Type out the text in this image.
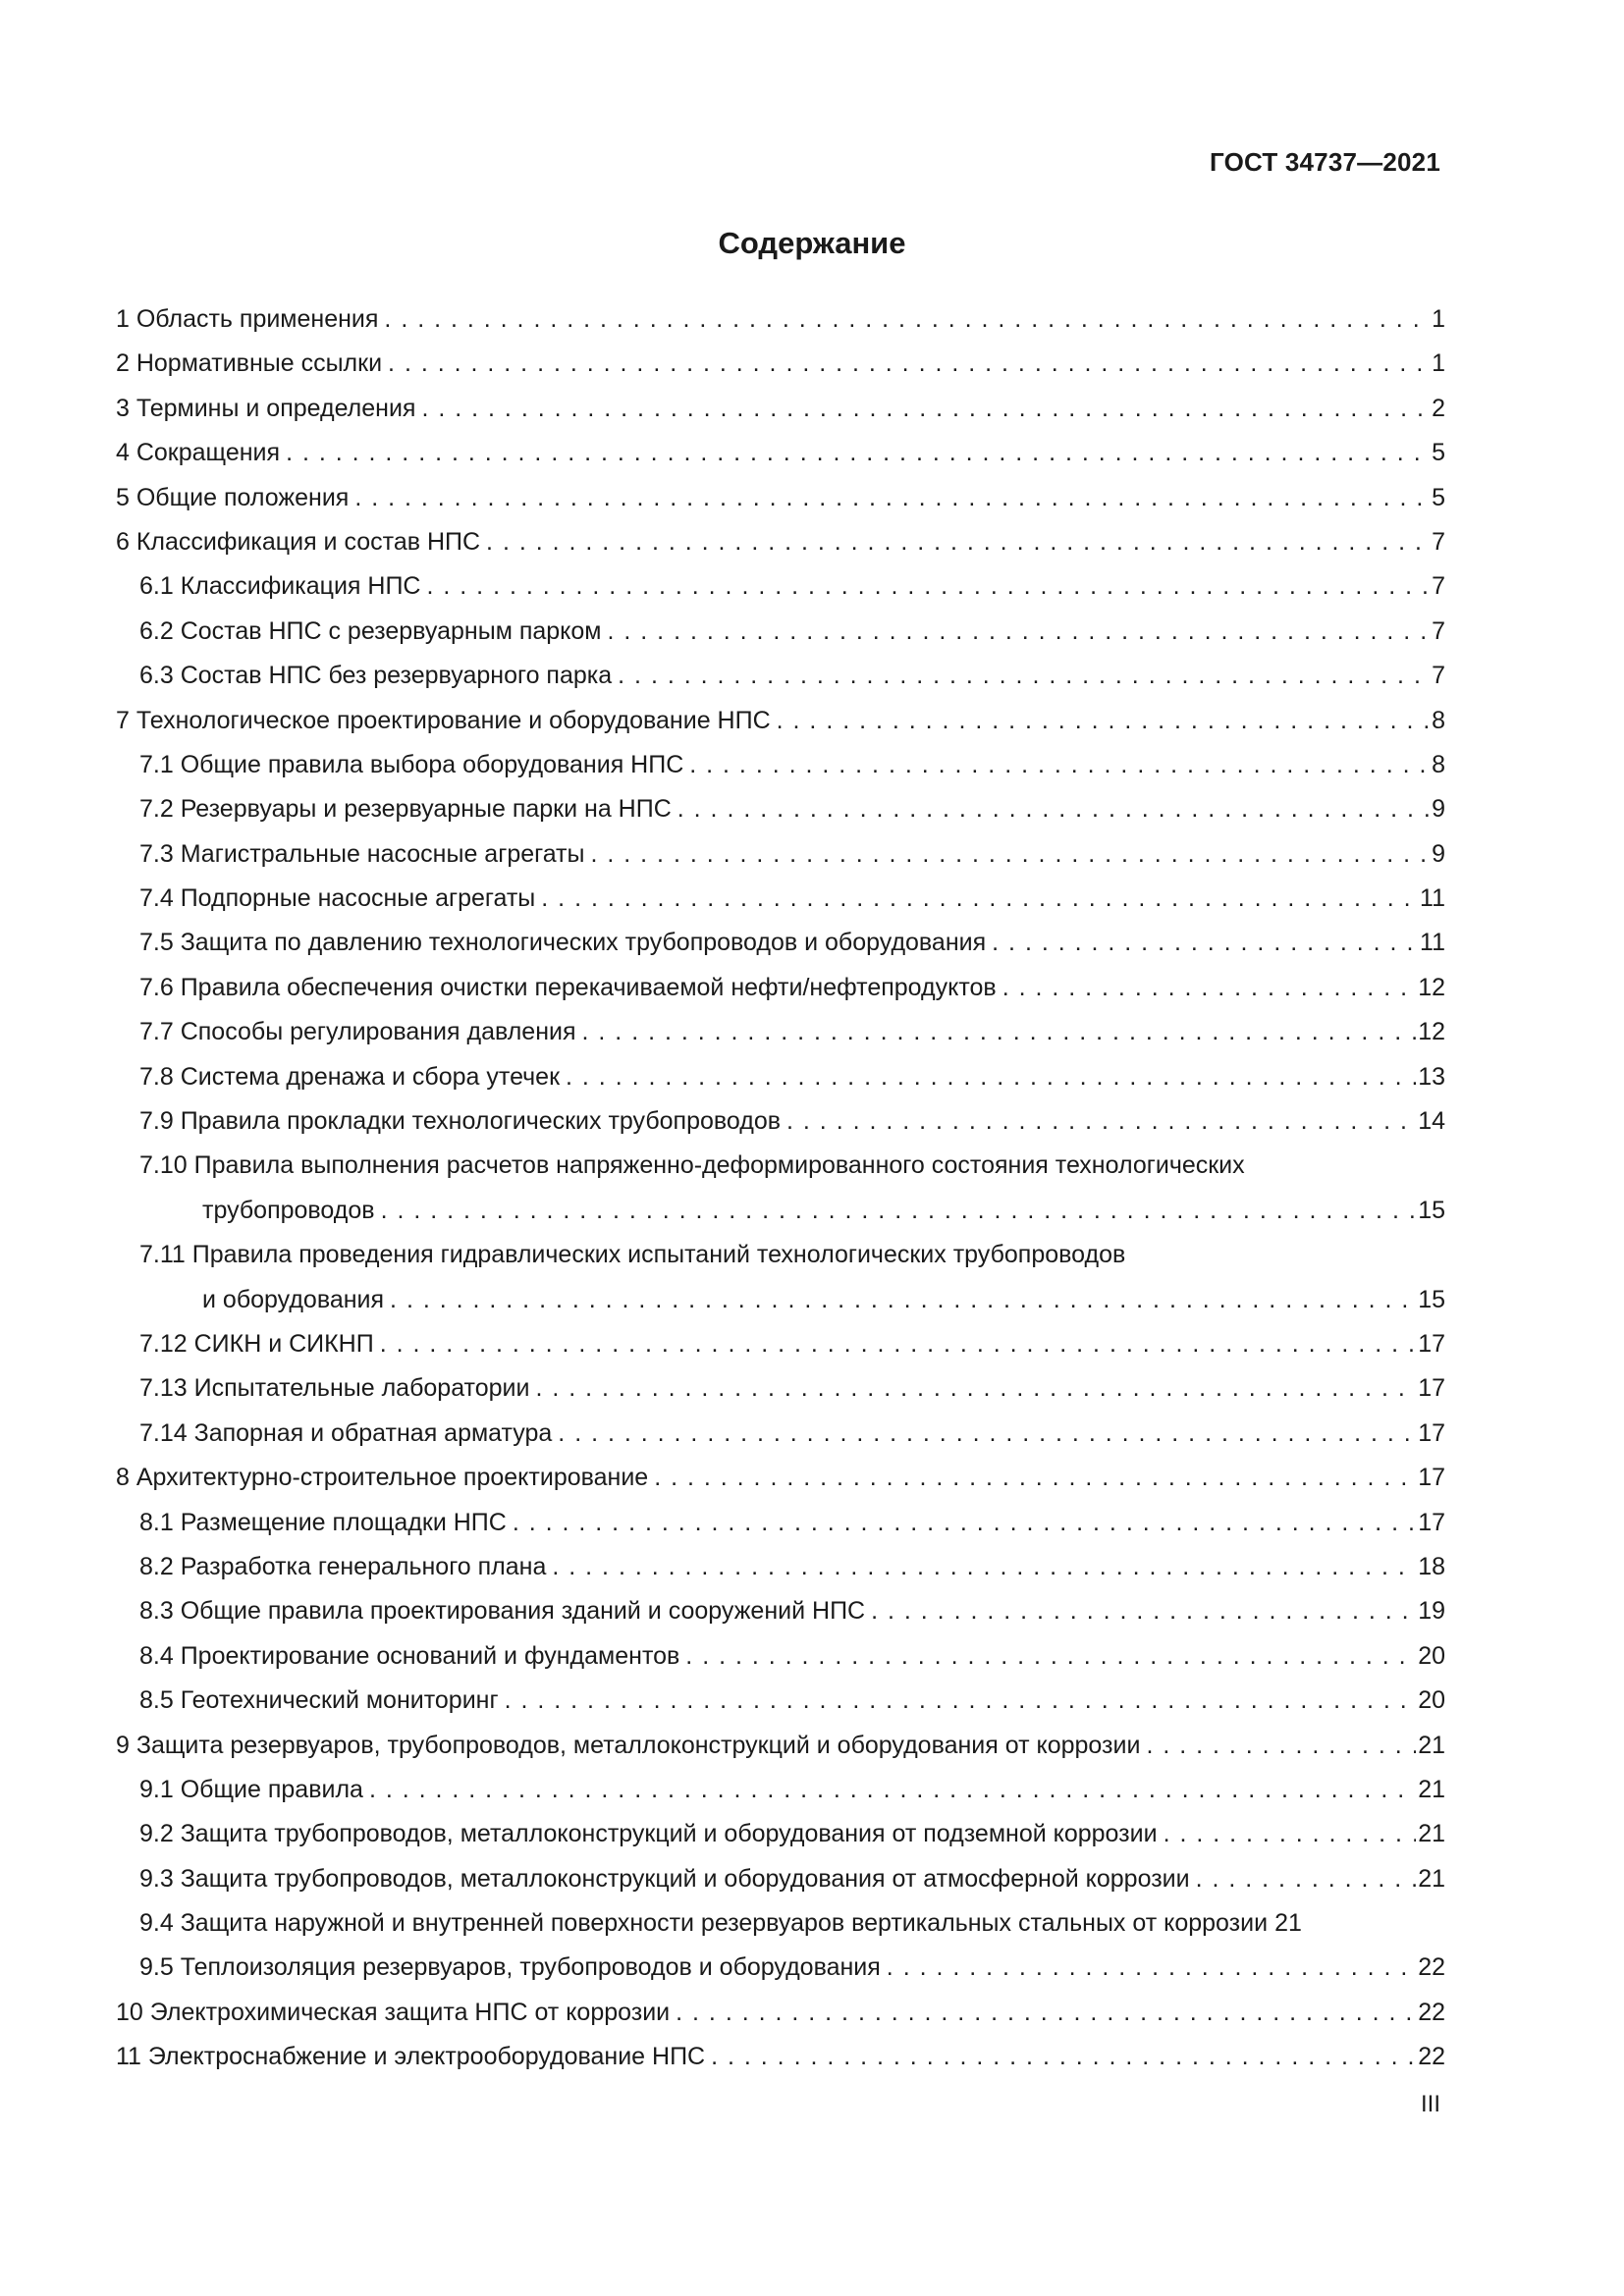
ГОСТ 34737—2021
Содержание
1 Область применения . . .	1
2 Нормативные ссылки . . .	1
3 Термины и определения . . .	2
4 Сокращения . . .	5
5 Общие положения . . .	5
6 Классификация и состав НПС . . .	7
6.1 Классификация НПС . . .	7
6.2 Состав НПС с резервуарным парком . . .	7
6.3 Состав НПС без резервуарного парка . . .	7
7 Технологическое проектирование и оборудование НПС . . .	8
7.1 Общие правила выбора оборудования НПС . . .	8
7.2 Резервуары и резервуарные парки на НПС . . .	9
7.3 Магистральные насосные агрегаты . . .	9
7.4 Подпорные насосные агрегаты . . .	11
7.5 Защита по давлению технологических трубопроводов и оборудования . . .	11
7.6 Правила обеспечения очистки перекачиваемой нефти/нефтепродуктов . . .	12
7.7 Способы регулирования давления . . .	12
7.8 Система дренажа и сбора утечек . . .	13
7.9 Правила прокладки технологических трубопроводов . . .	14
7.10 Правила выполнения расчетов напряженно-деформированного состояния технологических
трубопроводов . . .	15
7.11 Правила проведения гидравлических испытаний технологических трубопроводов
и оборудования . . .	15
7.12 СИКН и СИКНП . . .	17
7.13 Испытательные лаборатории . . .	17
7.14 Запорная и обратная арматура . . .	17
8 Архитектурно-строительное проектирование . . .	17
8.1 Размещение площадки НПС . . .	17
8.2 Разработка генерального плана . . .	18
8.3 Общие правила проектирования зданий и сооружений НПС . . .	19
8.4 Проектирование оснований и фундаментов . . .	20
8.5 Геотехнический мониторинг . . .	20
9 Защита резервуаров, трубопроводов, металлоконструкций и оборудования от коррозии . . .	21
9.1 Общие правила . . .	21
9.2 Защита трубопроводов, металлоконструкций и оборудования от подземной коррозии . . .	21
9.3 Защита трубопроводов, металлоконструкций и оборудования от атмосферной коррозии . . .	21
9.4 Защита наружной и внутренней поверхности резервуаров вертикальных стальных от коррозии 21
9.5 Теплоизоляция резервуаров, трубопроводов и оборудования . . .	22
10 Электрохимическая защита НПС от коррозии . . .	22
11 Электроснабжение и электрооборудование НПС . . .	22
III
